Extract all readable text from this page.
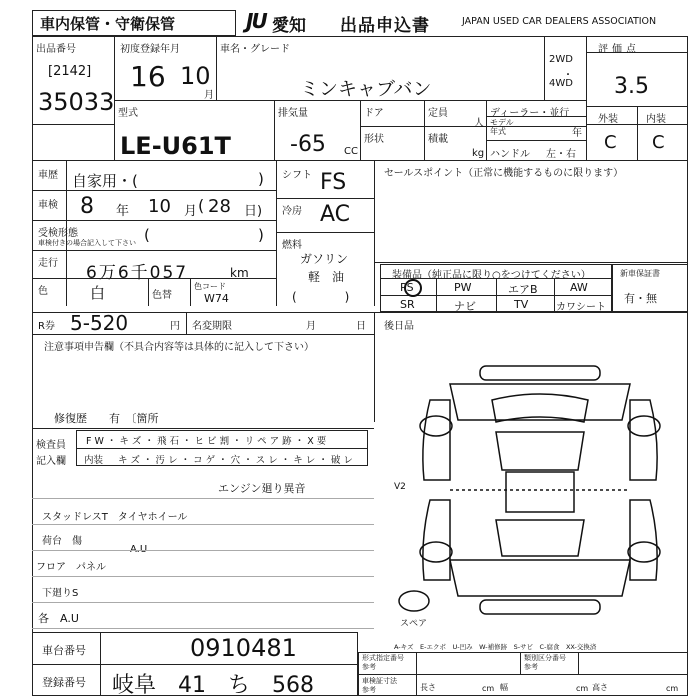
車内保管・守衛保管	JU 愛知 出品申込書	JAPAN USED CAR DEALERS ASSOCIATION
出品番号
[2142]
35033
初度登録年月
16 10
月
車名・グレード
ミンキャブバン
2WD
・
4WD
評価点
3.5
外装	内装
C C
型式
LE-U61T
排気量
-65 CC
ドア
形状
定員
人
積載
kg
ディーラー・並行
モデル
年式	年
ハンドル 左・右
車歴 自家用・(	)
車検 8 年 10 月 ( 28 日)
受検形態
車検付きの場合記入して下さい (	)
走行 6万6千057	km
色	白	色替
色コード
W74
シフト FS
冷房 AC
燃料
ガソリン
軽　油
(　　　　)
セールスポイント（正常に機能するものに限ります）
装備品（純正品に限り○をつけてください）
PS	PW	エアB	AW
SR	ナビ	TV	カワシート
新車保証書
有・無
R券 5-520	円 名変期限	月	日 後日品
注意事項申告欄（不具合内容等は具体的に記入して下さい）
修復歴　　有　〔箇所
検査員
記入欄
F W ・ キ ズ ・ 飛 石 ・ ヒ ビ 割 ・ リ ペ ア 跡 ・ X 要
内装 キ ズ ・ 汚 レ ・ コ ゲ ・ 穴 ・ ス レ ・ キ レ ・ 破 レ
エンジン廻り異音
スタッドレスT　タイヤホイール
荷台　傷
A.U
フロア　パネル
下廻りS
各　A.U
V2
スペア
A-キズ　E-エクボ　U-凹み　W-補修跡　S-サビ　C-腐食　XX-交換済
車台番号	0910481
登録番号 岐阜　41　ち　568
形式指定番号
参考
類別区分番号
参考
車検証寸法
参考	長さ	cm 幅	cm 高さ	cm
